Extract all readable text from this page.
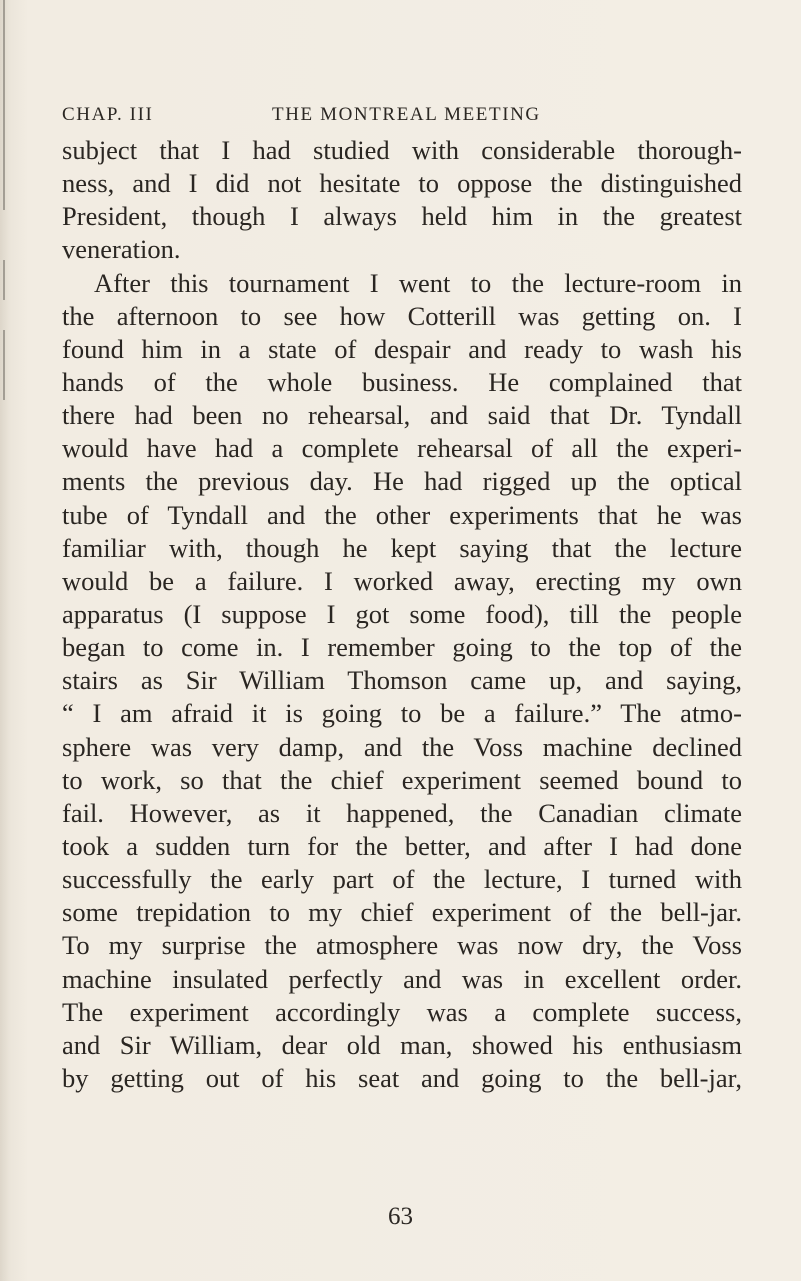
CHAP. III	THE MONTREAL MEETING
subject that I had studied with considerable thorough-
ness, and I did not hesitate to oppose the distinguished
President, though I always held him in the greatest
veneration.
After this tournament I went to the lecture-room in
the afternoon to see how Cotterill was getting on. I
found him in a state of despair and ready to wash his
hands of the whole business. He complained that
there had been no rehearsal, and said that Dr. Tyndall
would have had a complete rehearsal of all the experi-
ments the previous day. He had rigged up the optical
tube of Tyndall and the other experiments that he was
familiar with, though he kept saying that the lecture
would be a failure. I worked away, erecting my own
apparatus (I suppose I got some food), till the people
began to come in. I remember going to the top of the
stairs as Sir William Thomson came up, and saying,
“ I am afraid it is going to be a failure.” The atmo-
sphere was very damp, and the Voss machine declined
to work, so that the chief experiment seemed bound to
fail. However, as it happened, the Canadian climate
took a sudden turn for the better, and after I had done
successfully the early part of the lecture, I turned with
some trepidation to my chief experiment of the bell-jar.
To my surprise the atmosphere was now dry, the Voss
machine insulated perfectly and was in excellent order.
The experiment accordingly was a complete success,
and Sir William, dear old man, showed his enthusiasm
by getting out of his seat and going to the bell-jar,
63
